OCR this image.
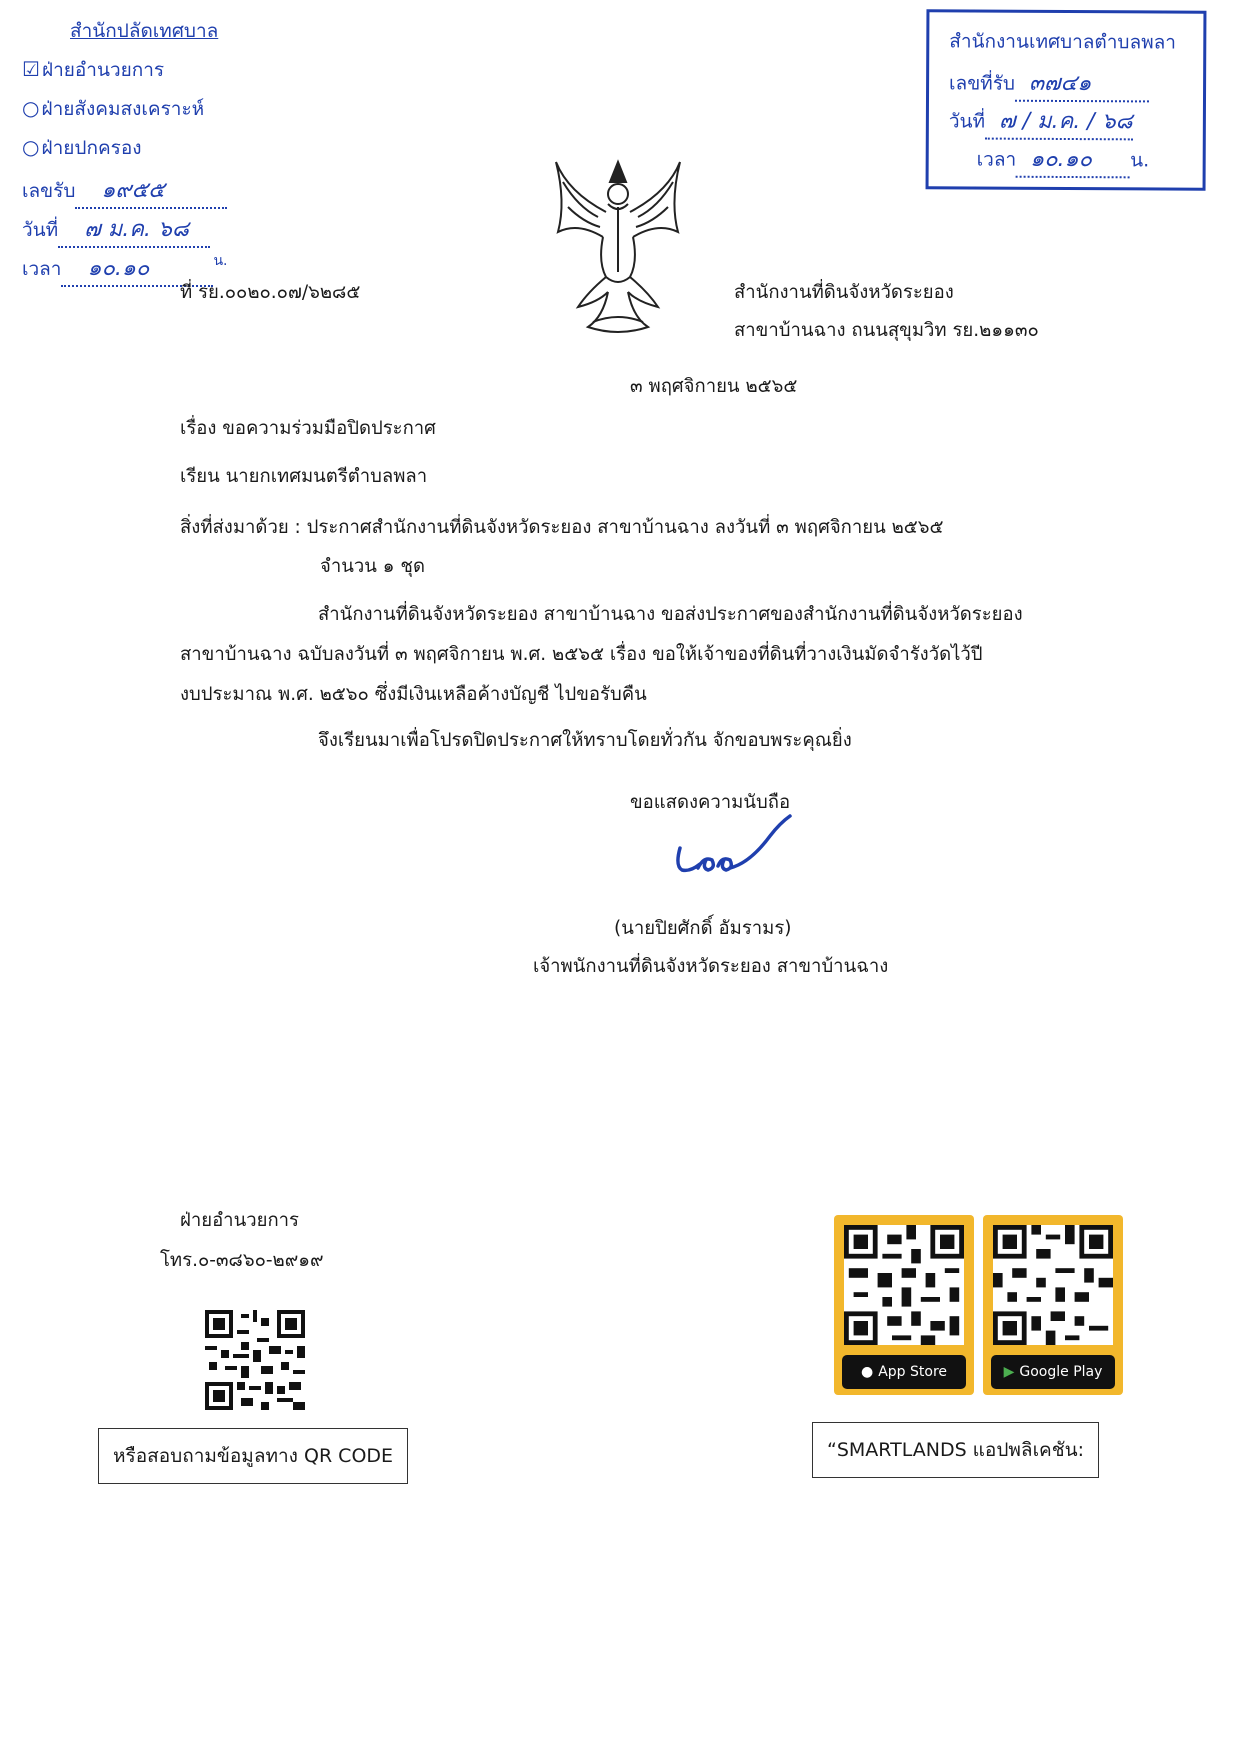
สำนักปลัดเทศบาล
☑ ฝ่ายอำนวยการ
○ ฝ่ายสังคมสงเคราะห์
○ ฝ่ายปกครอง
เลขรับ ๑๙๕๕
วันที่ ๗ ม.ค. ๖๘
เวลา ๑๐.๑๐	$^{น.}$
สำนักงานเทศบาลตำบลพลา
เลขที่รับ ๓๗๔๑
วันที่ ๗ / ม.ค. / ๖๘
เวลา ๑๐.๑๐ น.
ที่ รย.๐๐๒๐.๐๗/๖๒๘๕	สำนักงานที่ดินจังหวัดระยอง
สาขาบ้านฉาง ถนนสุขุมวิท รย.๒๑๑๓๐
๓ พฤศจิกายน ๒๕๖๕
เรื่อง ขอความร่วมมือปิดประกาศ
เรียน นายกเทศมนตรีตำบลพลา
สิ่งที่ส่งมาด้วย : ประกาศสำนักงานที่ดินจังหวัดระยอง สาขาบ้านฉาง ลงวันที่ ๓ พฤศจิกายน ๒๕๖๕
จำนวน ๑ ชุด
สำนักงานที่ดินจังหวัดระยอง สาขาบ้านฉาง ขอส่งประกาศของสำนักงานที่ดินจังหวัดระยอง
สาขาบ้านฉาง ฉบับลงวันที่ ๓ พฤศจิกายน พ.ศ. ๒๕๖๕ เรื่อง ขอให้เจ้าของที่ดินที่วางเงินมัดจำรังวัดไว้ปี
งบประมาณ พ.ศ. ๒๕๖๐ ซึ่งมีเงินเหลือค้างบัญชี ไปขอรับคืน
จึงเรียนมาเพื่อโปรดปิดประกาศให้ทราบโดยทั่วกัน จักขอบพระคุณยิ่ง
ขอแสดงความนับถือ
(นายปิยศักดิ์ อัมรามร)
เจ้าพนักงานที่ดินจังหวัดระยอง สาขาบ้านฉาง
ฝ่ายอำนวยการ
โทร.๐-๓๘๖๐-๒๙๑๙
หรือสอบถามข้อมูลทาง QR CODE
● App Store	▶ Google Play
“SMARTLANDS แอปพลิเคชัน:
